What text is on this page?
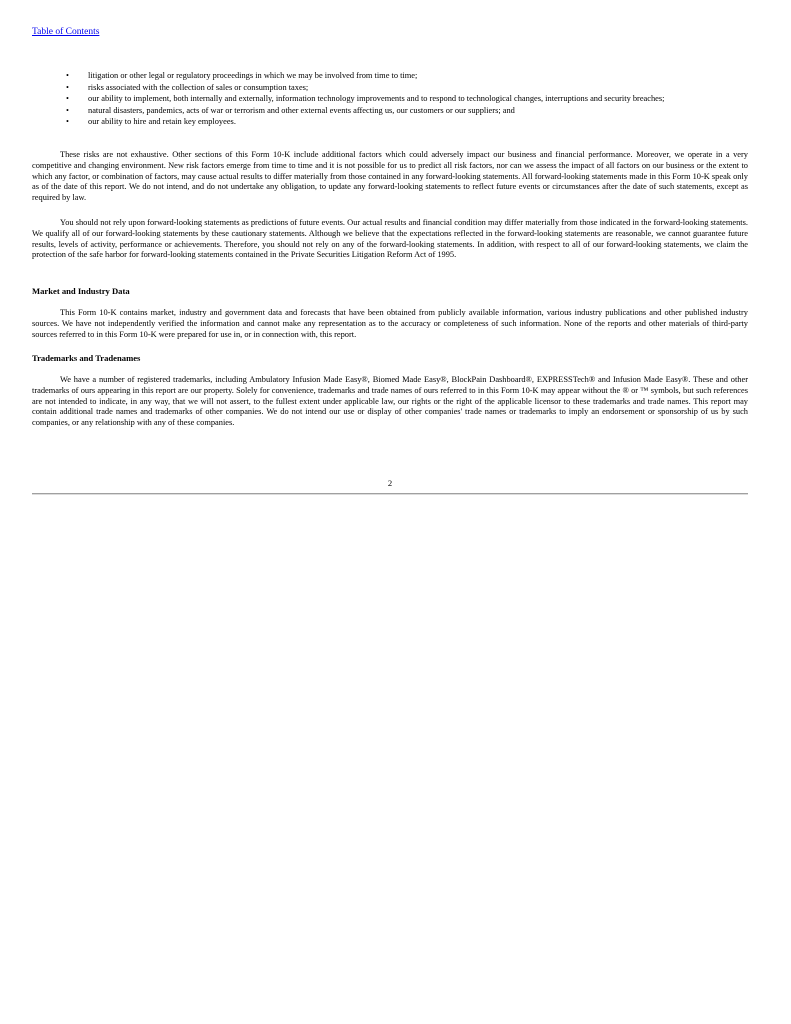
Table of Contents
• litigation or other legal or regulatory proceedings in which we may be involved from time to time;
• risks associated with the collection of sales or consumption taxes;
• our ability to implement, both internally and externally, information technology improvements and to respond to technological changes, interruptions and security breaches;
• natural disasters, pandemics, acts of war or terrorism and other external events affecting us, our customers or our suppliers; and
• our ability to hire and retain key employees.

These risks are not exhaustive. Other sections of this Form 10-K include additional factors which could adversely impact our business and financial performance. Moreover, we operate in a very competitive and changing environment. New risk factors emerge from time to time and it is not possible for us to predict all risk factors, nor can we assess the impact of all factors on our business or the extent to which any factor, or combination of factors, may cause actual results to differ materially from those contained in any forward-looking statements. All forward-looking statements made in this Form 10-K speak only as of the date of this report. We do not intend, and do not undertake any obligation, to update any forward-looking statements to reflect future events or circumstances after the date of such statements, except as required by law.

You should not rely upon forward-looking statements as predictions of future events. Our actual results and financial condition may differ materially from those indicated in the forward-looking statements. We qualify all of our forward-looking statements by these cautionary statements. Although we believe that the expectations reflected in the forward-looking statements are reasonable, we cannot guarantee future results, levels of activity, performance or achievements. Therefore, you should not rely on any of the forward-looking statements. In addition, with respect to all of our forward-looking statements, we claim the protection of the safe harbor for forward-looking statements contained in the Private Securities Litigation Reform Act of 1995.

Market and Industry Data

This Form 10-K contains market, industry and government data and forecasts that have been obtained from publicly available information, various industry publications and other published industry sources. We have not independently verified the information and cannot make any representation as to the accuracy or completeness of such information. None of the reports and other materials of third-party sources referred to in this Form 10-K were prepared for use in, or in connection with, this report.

Trademarks and Tradenames

We have a number of registered trademarks, including Ambulatory Infusion Made Easy®, Biomed Made Easy®, BlockPain Dashboard®, EXPRESSTech® and Infusion Made Easy®. These and other trademarks of ours appearing in this report are our property. Solely for convenience, trademarks and trade names of ours referred to in this Form 10-K may appear without the ® or ™ symbols, but such references are not intended to indicate, in any way, that we will not assert, to the fullest extent under applicable law, our rights or the right of the applicable licensor to these trademarks and trade names. This report may contain additional trade names and trademarks of other companies. We do not intend our use or display of other companies' trade names or trademarks to imply an endorsement or sponsorship of us by such companies, or any relationship with any of these companies.

2
